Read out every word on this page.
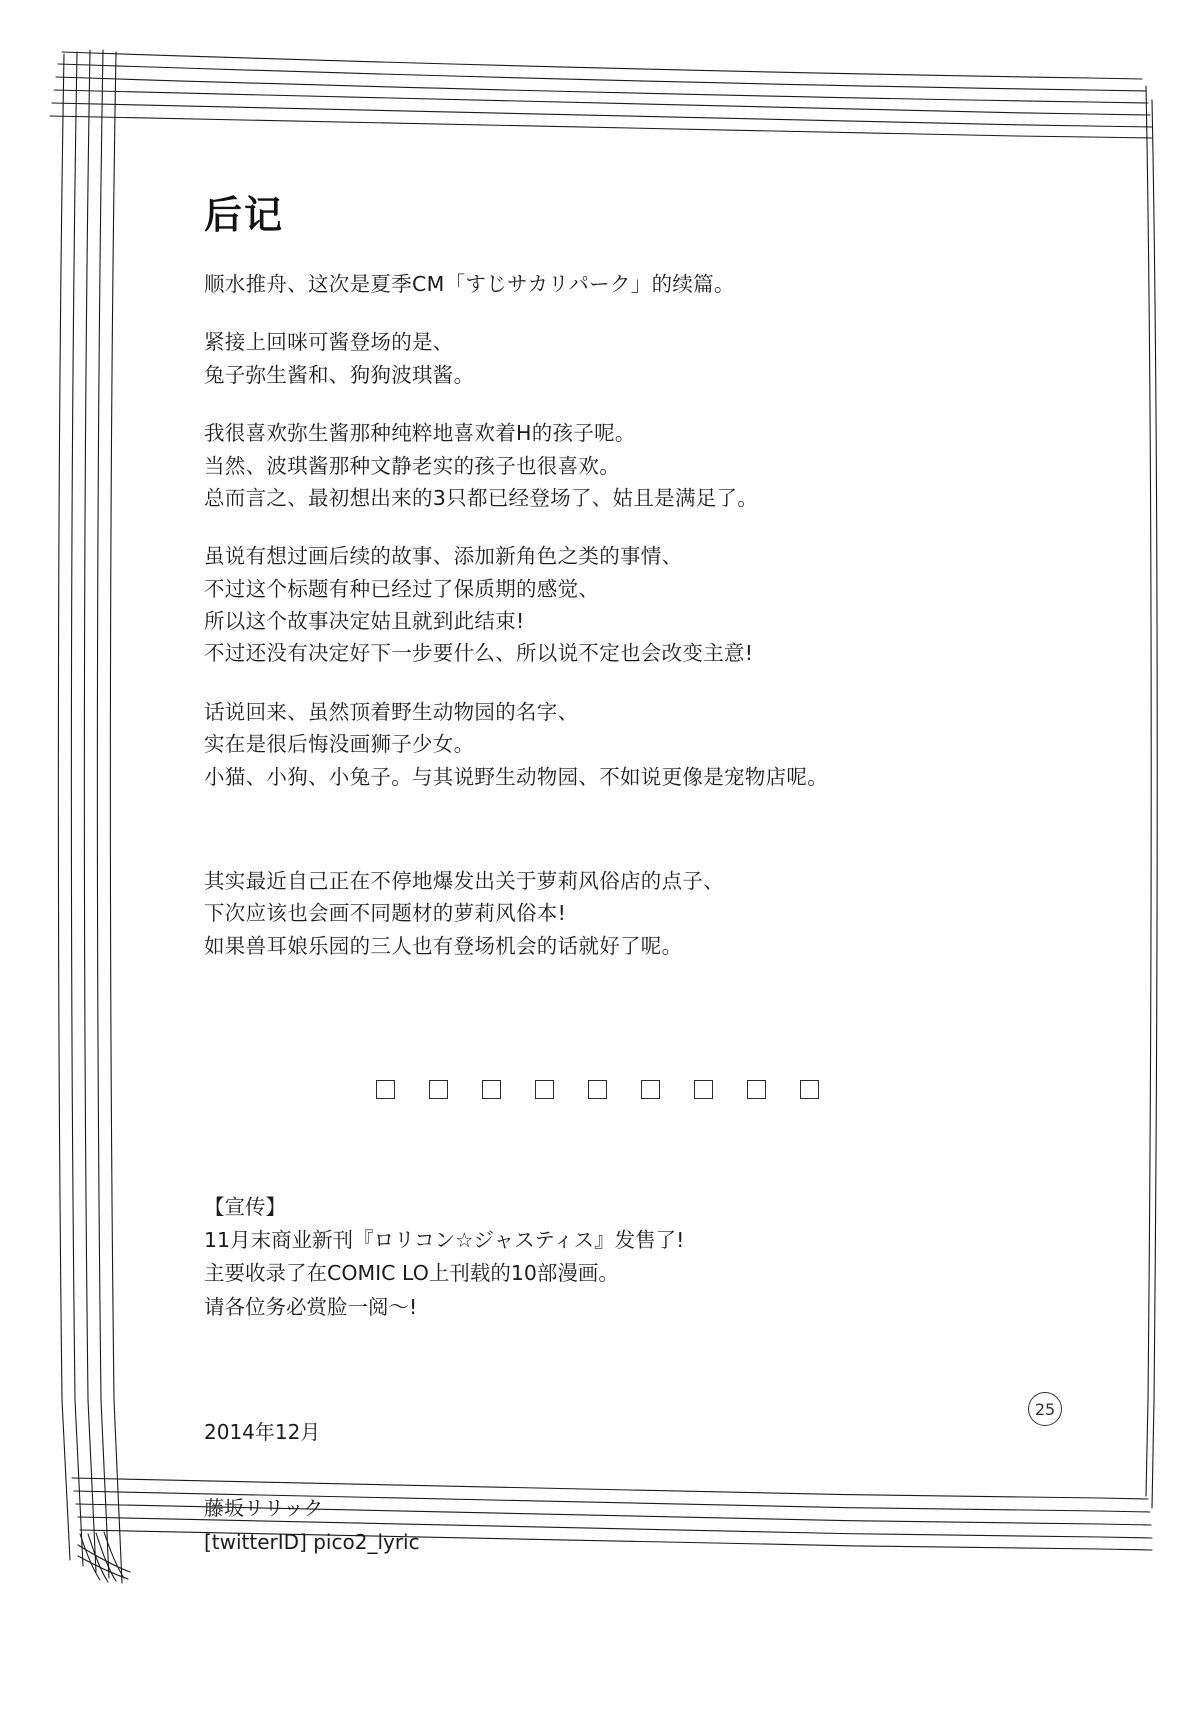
后记
顺水推舟、这次是夏季CM「すじサカリパーク」的续篇。
紧接上回咪可酱登场的是、
兔子弥生酱和、狗狗波琪酱。
我很喜欢弥生酱那种纯粹地喜欢着H的孩子呢。
当然、波琪酱那种文静老实的孩子也很喜欢。
总而言之、最初想出来的3只都已经登场了、姑且是满足了。
虽说有想过画后续的故事、添加新角色之类的事情、
不过这个标题有种已经过了保质期的感觉、
所以这个故事决定姑且就到此结束!
不过还没有决定好下一步要什么、所以说不定也会改变主意!
话说回来、虽然顶着野生动物园的名字、
实在是很后悔没画狮子少女。
小猫、小狗、小兔子。与其说野生动物园、不如说更像是宠物店呢。
其实最近自己正在不停地爆发出关于萝莉风俗店的点子、
下次应该也会画不同题材的萝莉风俗本!
如果兽耳娘乐园的三人也有登场机会的话就好了呢。
【宣传】
11月末商业新刊『ロリコン☆ジャスティス』发售了!
主要收录了在COMIC LO上刊载的10部漫画。
请各位务必赏脸一阅～!
2014年12月
藤坂リリック
[twitterID] pico2_lyric
25
